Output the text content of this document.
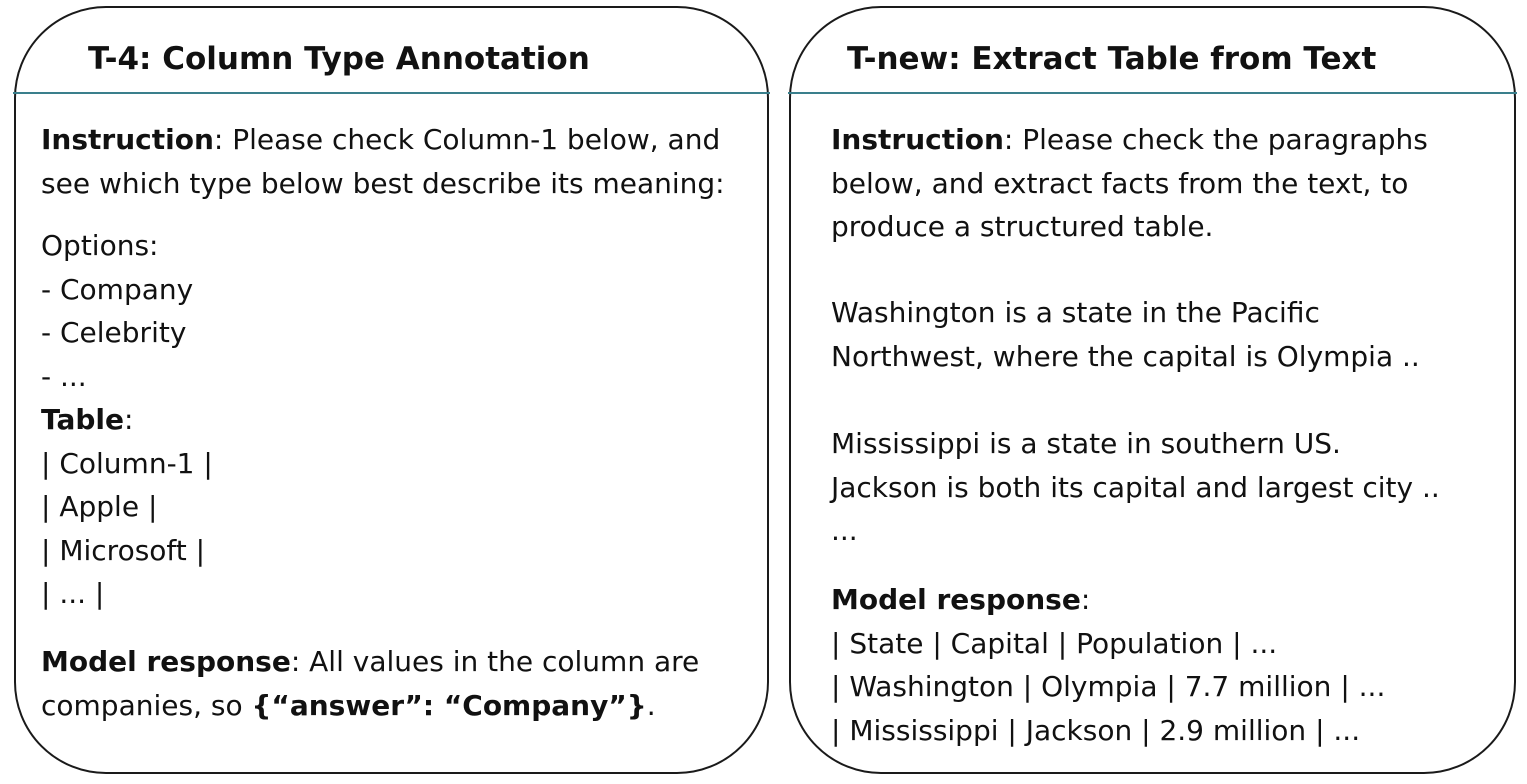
T-4: Column Type Annotation
Instruction: Please check Column-1 below, and
see which type below best describe its meaning:
Options:
- Company
- Celebrity
- ...
Table:
| Column-1 |
| Apple |
| Microsoft |
| ... |
Model response: All values in the column are
companies, so {“answer”: “Company”}.
T-new: Extract Table from Text
Instruction: Please check the paragraphs
below, and extract facts from the text, to
produce a structured table.
Washington is a state in the Pacific
Northwest, where the capital is Olympia ..
Mississippi is a state in southern US.
Jackson is both its capital and largest city ..
...
Model response:
| State | Capital | Population | ...
| Washington | Olympia | 7.7 million | ...
| Mississippi | Jackson | 2.9 million | ...
